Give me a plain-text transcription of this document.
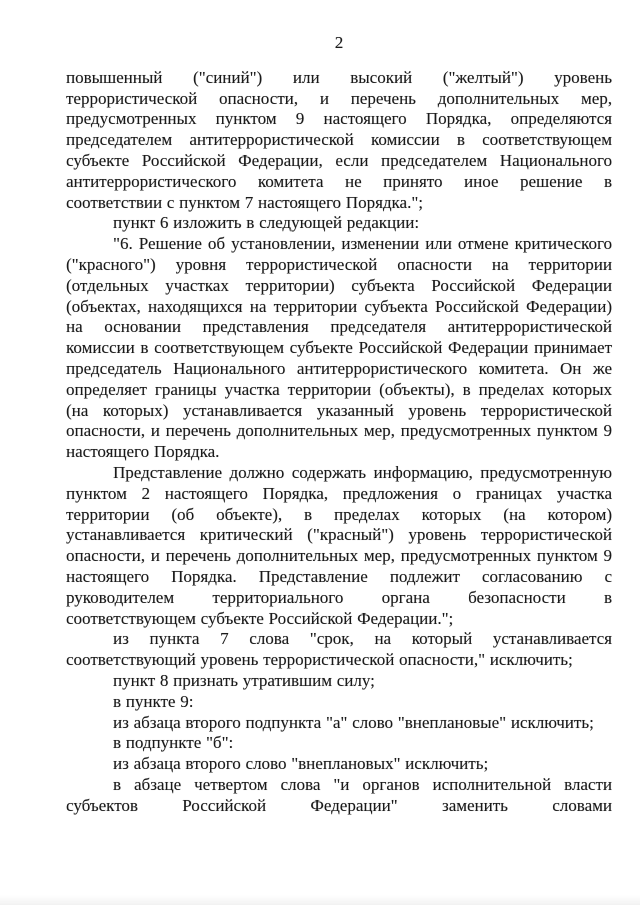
2

повышенный ("синий") или высокий ("желтый") уровень террористической опасности, и перечень дополнительных мер, предусмотренных пунктом 9 настоящего Порядка, определяются председателем антитеррористической комиссии в соответствующем субъекте Российской Федерации, если председателем Национального антитеррористического комитета не принято иное решение в соответствии с пунктом 7 настоящего Порядка.";

пункт 6 изложить в следующей редакции:

"6. Решение об установлении, изменении или отмене критического ("красного") уровня террористической опасности на территории (отдельных участках территории) субъекта Российской Федерации (объектах, находящихся на территории субъекта Российской Федерации) на основании представления председателя антитеррористической комиссии в соответствующем субъекте Российской Федерации принимает председатель Национального антитеррористического комитета. Он же определяет границы участка территории (объекты), в пределах которых (на которых) устанавливается указанный уровень террористической опасности, и перечень дополнительных мер, предусмотренных пунктом 9 настоящего Порядка.

Представление должно содержать информацию, предусмотренную пунктом 2 настоящего Порядка, предложения о границах участка территории (об объекте), в пределах которых (на котором) устанавливается критический ("красный") уровень террористической опасности, и перечень дополнительных мер, предусмотренных пунктом 9 настоящего Порядка. Представление подлежит согласованию с руководителем территориального органа безопасности в соответствующем субъекте Российской Федерации.";

из пункта 7 слова "срок, на который устанавливается соответствующий уровень террористической опасности," исключить;

пункт 8 признать утратившим силу;

в пункте 9:

из абзаца второго подпункта "а" слово "внеплановые" исключить;

в подпункте "б":

из абзаца второго слово "внеплановых" исключить;

в абзаце четвертом слова "и органов исполнительной власти субъектов Российской Федерации" заменить словами
